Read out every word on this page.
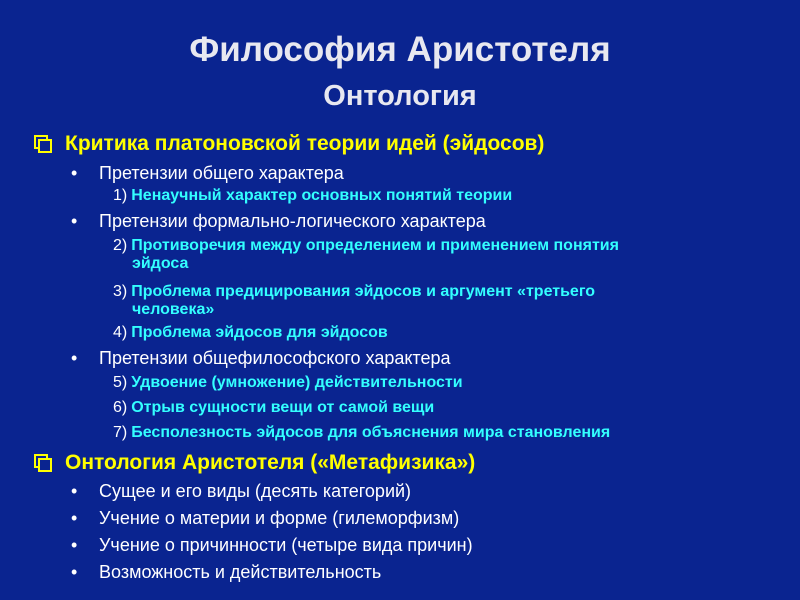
Философия Аристотеля
Онтология
Критика платоновской теории идей (эйдосов)
• Претензии общего характера
1) Ненаучный характер основных понятий теории
• Претензии формально-логического характера
2) Противоречия между определением и применением понятия
эйдоса
3) Проблема предицирования эйдосов и аргумент «третьего
человека»
4) Проблема эйдосов для эйдосов
• Претензии общефилософского характера
5) Удвоение (умножение) действительности
6) Отрыв сущности вещи от самой вещи
7) Бесполезность эйдосов для объяснения мира становления
Онтология Аристотеля («Метафизика»)
• Сущее и его виды (десять категорий)
• Учение о материи и форме (гилеморфизм)
• Учение о причинности (четыре вида причин)
• Возможность и действительность
